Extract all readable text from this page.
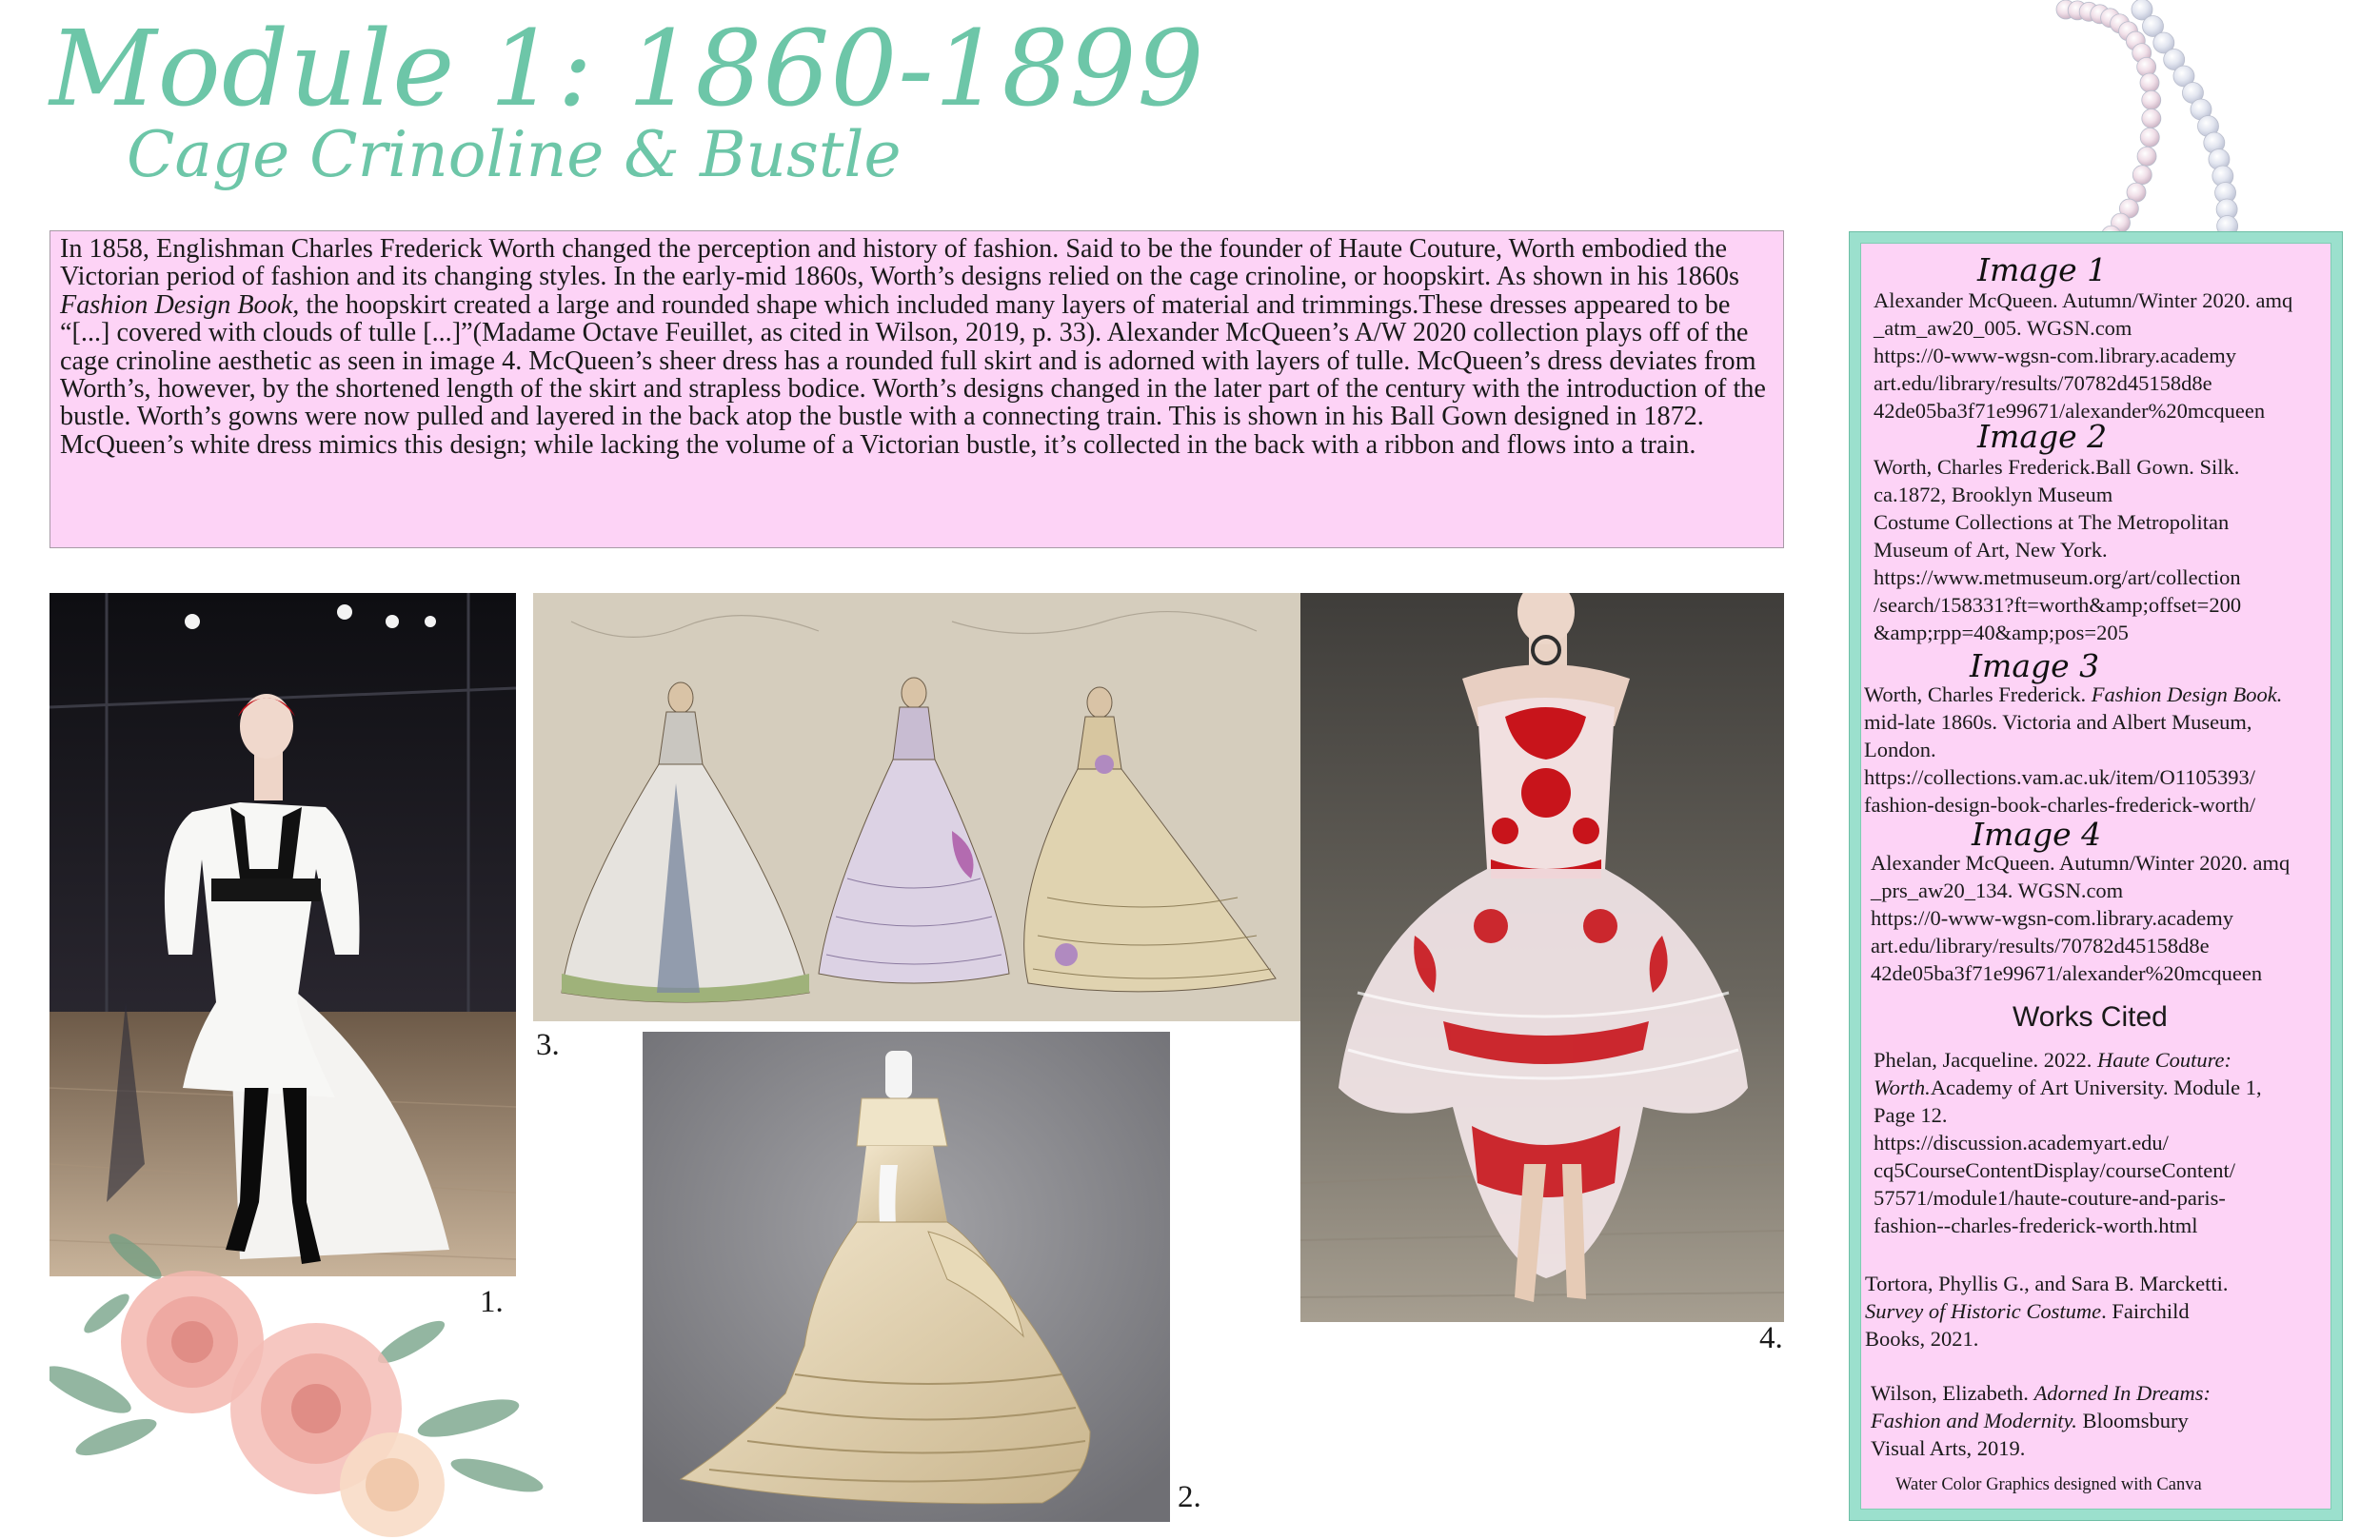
Module 1: 1860-1899
Cage Crinoline & Bustle

In 1858, Englishman Charles Frederick Worth changed the perception and history of fashion. Said to be the founder of Haute Couture, Worth embodied the Victorian period of fashion and its changing styles. In the early-mid 1860s, Worth’s designs relied on the cage crinoline, or hoopskirt. As shown in his 1860s Fashion Design Book, the hoopskirt created a large and rounded shape which included many layers of material and trimmings.These dresses appeared to be “[...] covered with clouds of tulle [...]”(Madame Octave Feuillet, as cited in Wilson, 2019, p. 33). Alexander McQueen’s A/W 2020 collection plays off of the cage crinoline aesthetic as seen in image 4. McQueen’s sheer dress has a rounded full skirt and is adorned with layers of tulle. McQueen’s dress deviates from Worth’s, however, by the shortened length of the skirt and strapless bodice. Worth’s designs changed in the later part of the century with the introduction of the bustle. Worth’s gowns were now pulled and layered in the back atop the bustle with a connecting train. This is shown in his Ball Gown designed in 1872. McQueen’s white dress mimics this design; while lacking the volume of a Victorian bustle, it’s collected in the back with a ribbon and flows into a train.

1.
3.
2.
4.
Image 1
Alexander McQueen. Autumn/Winter 2020. amq
_atm_aw20_005. WGSN.com
https://0-www-wgsn-com.library.academy
art.edu/library/results/70782d45158d8e
42de05ba3f71e99671/alexander%20mcqueen
Image 2
Worth, Charles Frederick.Ball Gown. Silk.
ca.1872, Brooklyn Museum
Costume Collections at The Metropolitan
Museum of Art, New York.
https://www.metmuseum.org/art/collection
/search/158331?ft=worth&amp;offset=200
&amp;rpp=40&amp;pos=205
Image 3
Worth, Charles Frederick. Fashion Design Book.
mid-late 1860s. Victoria and Albert Museum,
London.
https://collections.vam.ac.uk/item/O1105393/
fashion-design-book-charles-frederick-worth/
Image 4
Alexander McQueen. Autumn/Winter 2020. amq
_prs_aw20_134. WGSN.com
https://0-www-wgsn-com.library.academy
art.edu/library/results/70782d45158d8e
42de05ba3f71e99671/alexander%20mcqueen
Works Cited
Phelan, Jacqueline. 2022. Haute Couture:
Worth.Academy of Art University. Module 1,
Page 12.
https://discussion.academyart.edu/
cq5CourseContentDisplay/courseContent/
57571/module1/haute-couture-and-paris-
fashion--charles-frederick-worth.html
Tortora, Phyllis G., and Sara B. Marcketti.
Survey of Historic Costume. Fairchild
Books, 2021.
Wilson, Elizabeth. Adorned In Dreams:
Fashion and Modernity. Bloomsbury
Visual Arts, 2019.
Water Color Graphics designed with Canva
